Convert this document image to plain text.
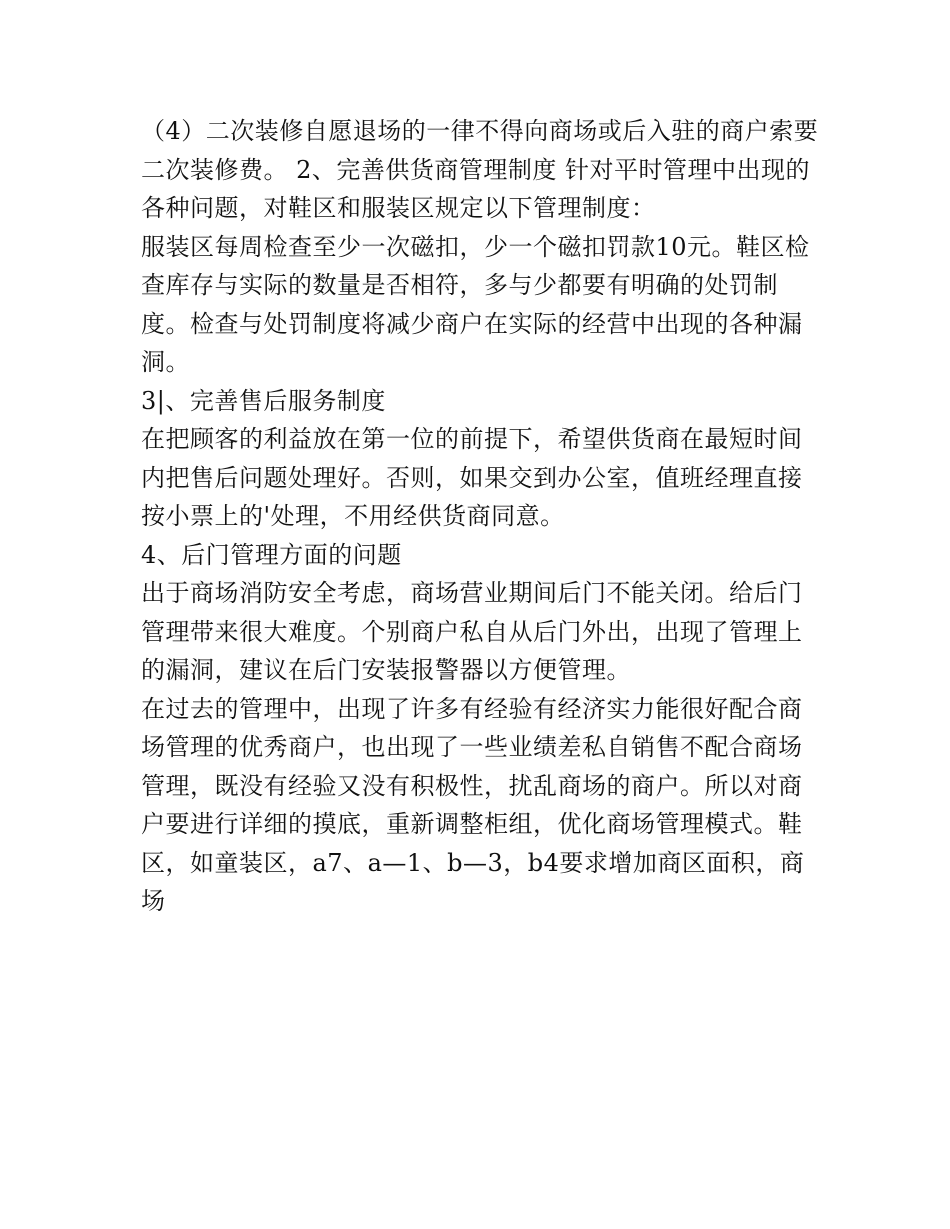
（4）二次装修自愿退场的一律不得向商场或后入驻的商户索要二次装修费。 2、完善供货商管理制度 针对平时管理中出现的各种问题，对鞋区和服装区规定以下管理制度：

服装区每周检查至少一次磁扣，少一个磁扣罚款10元。鞋区检查库存与实际的数量是否相符，多与少都要有明确的处罚制度。检查与处罚制度将减少商户在实际的经营中出现的各种漏洞。

3|、完善售后服务制度

在把顾客的利益放在第一位的前提下，希望供货商在最短时间内把售后问题处理好。否则，如果交到办公室，值班经理直接按小票上的'处理，不用经供货商同意。

4、后门管理方面的问题

出于商场消防安全考虑，商场营业期间后门不能关闭。给后门管理带来很大难度。个别商户私自从后门外出，出现了管理上的漏洞，建议在后门安装报警器以方便管理。

在过去的管理中，出现了许多有经验有经济实力能很好配合商场管理的优秀商户，也出现了一些业绩差私自销售不配合商场管理，既没有经验又没有积极性，扰乱商场的商户。所以对商户要进行详细的摸底，重新调整柜组，优化商场管理模式。鞋区，如童装区，a7、a—1、b—3，b4要求增加商区面积，商场
